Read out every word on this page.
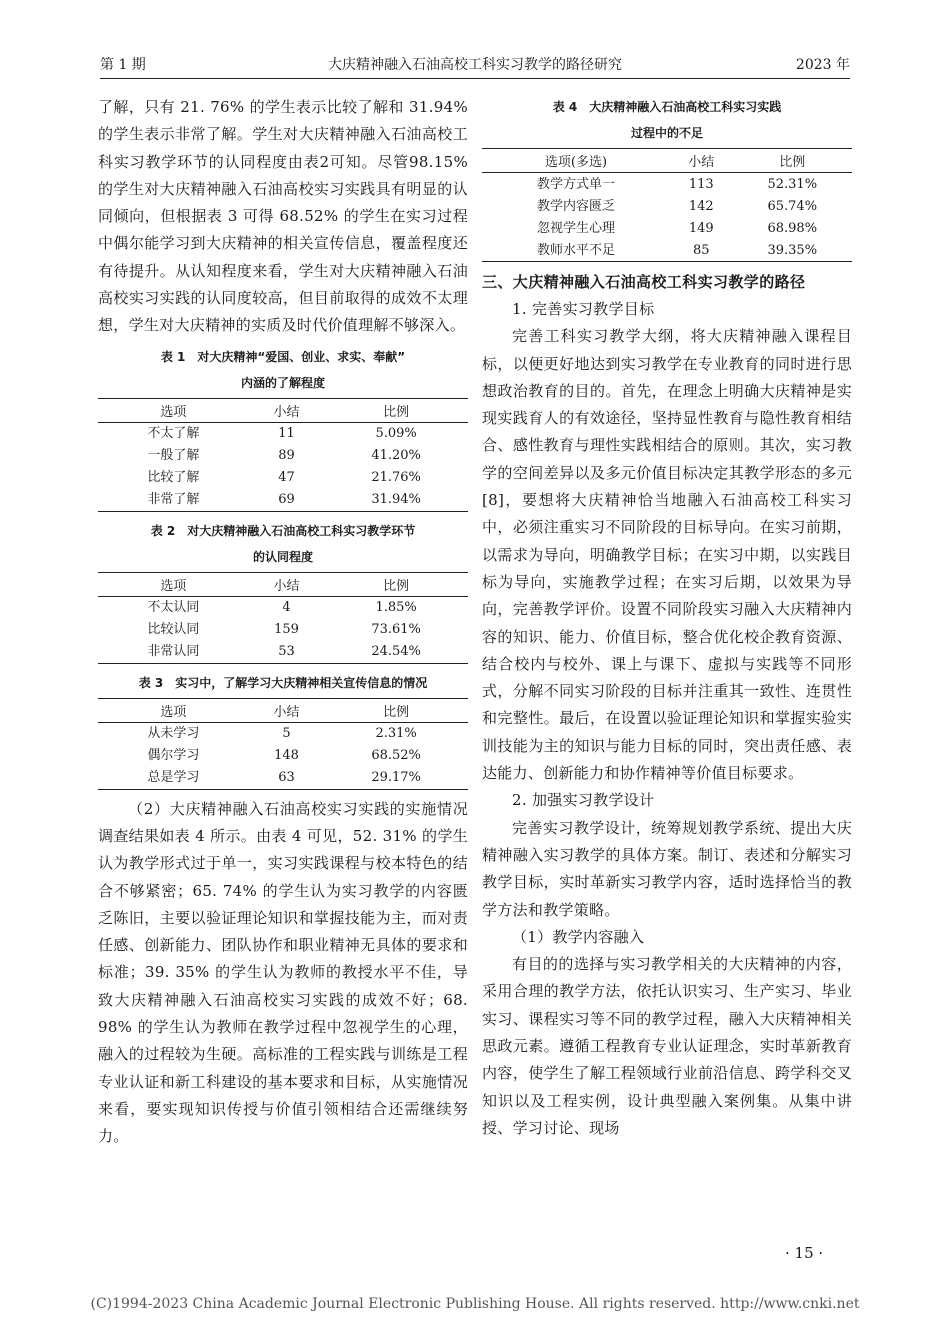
第 1 期	大庆精神融入石油高校工科实习教学的路径研究	2023 年

了解，只有 21. 76% 的学生表示比较了解和 31.94%的学生表示非常了解。学生对大庆精神融入石油高校工科实习教学环节的认同程度由表2可知。尽管98.15%的学生对大庆精神融入石油高校实习实践具有明显的认同倾向，但根据表 3 可得 68.52% 的学生在实习过程中偶尔能学习到大庆精神的相关宣传信息，覆盖程度还有待提升。从认知程度来看，学生对大庆精神融入石油高校实习实践的认同度较高，但目前取得的成效不太理想，学生对大庆精神的实质及时代价值理解不够深入。

表 1　对大庆精神“爱国、创业、求实、奉献”
内涵的了解程度

选项	小结	比例
不太了解	11	5.09%
一般了解	89	41.20%
比较了解	47	21.76%
非常了解	69	31.94%

表 2　对大庆精神融入石油高校工科实习教学环节
的认同程度

选项	小结	比例
不太认同	4	1.85%
比较认同	159	73.61%
非常认同	53	24.54%

表 3　实习中，了解学习大庆精神相关宣传信息的情况

选项	小结	比例
从未学习	5	2.31%
偶尔学习	148	68.52%
总是学习	63	29.17%

（2）大庆精神融入石油高校实习实践的实施情况调查结果如表 4 所示。由表 4 可见，52. 31% 的学生认为教学形式过于单一，实习实践课程与校本特色的结合不够紧密；65. 74% 的学生认为实习教学的内容匮乏陈旧，主要以验证理论知识和掌握技能为主，而对责任感、创新能力、团队协作和职业精神无具体的要求和标准；39. 35% 的学生认为教师的教授水平不佳，导致大庆精神融入石油高校实习实践的成效不好；68. 98% 的学生认为教师在教学过程中忽视学生的心理，融入的过程较为生硬。高标准的工程实践与训练是工程专业认证和新工科建设的基本要求和目标，从实施情况来看，要实现知识传授与价值引领相结合还需继续努力。

表 4　大庆精神融入石油高校工科实习实践
过程中的不足

选项(多选)	小结	比例
教学方式单一	113	52.31%
教学内容匮乏	142	65.74%
忽视学生心理	149	68.98%
教师水平不足	85	39.35%

三、大庆精神融入石油高校工科实习教学的路径

1. 完善实习教学目标

完善工科实习教学大纲，将大庆精神融入课程目标，以便更好地达到实习教学在专业教育的同时进行思想政治教育的目的。首先，在理念上明确大庆精神是实现实践育人的有效途径，坚持显性教育与隐性教育相结合、感性教育与理性实践相结合的原则。其次，实习教学的空间差异以及多元价值目标决定其教学形态的多元[8]，要想将大庆精神恰当地融入石油高校工科实习中，必须注重实习不同阶段的目标导向。在实习前期，以需求为导向，明确教学目标；在实习中期，以实践目标为导向，实施教学过程；在实习后期，以效果为导向，完善教学评价。设置不同阶段实习融入大庆精神内容的知识、能力、价值目标，整合优化校企教育资源、结合校内与校外、课上与课下、虚拟与实践等不同形式，分解不同实习阶段的目标并注重其一致性、连贯性和完整性。最后，在设置以验证理论知识和掌握实验实训技能为主的知识与能力目标的同时，突出责任感、表达能力、创新能力和协作精神等价值目标要求。

2. 加强实习教学设计

完善实习教学设计，统筹规划教学系统、提出大庆精神融入实习教学的具体方案。制订、表述和分解实习教学目标，实时革新实习教学内容，适时选择恰当的教学方法和教学策略。

（1）教学内容融入

有目的的选择与实习教学相关的大庆精神的内容，采用合理的教学方法，依托认识实习、生产实习、毕业实习、课程实习等不同的教学过程，融入大庆精神相关思政元素。遵循工程教育专业认证理念，实时革新教育内容，使学生了解工程领域行业前沿信息、跨学科交叉知识以及工程实例，设计典型融入案例集。从集中讲授、学习讨论、现场

· 15 ·
(C)1994-2023 China Academic Journal Electronic Publishing House. All rights reserved. http://www.cnki.net
